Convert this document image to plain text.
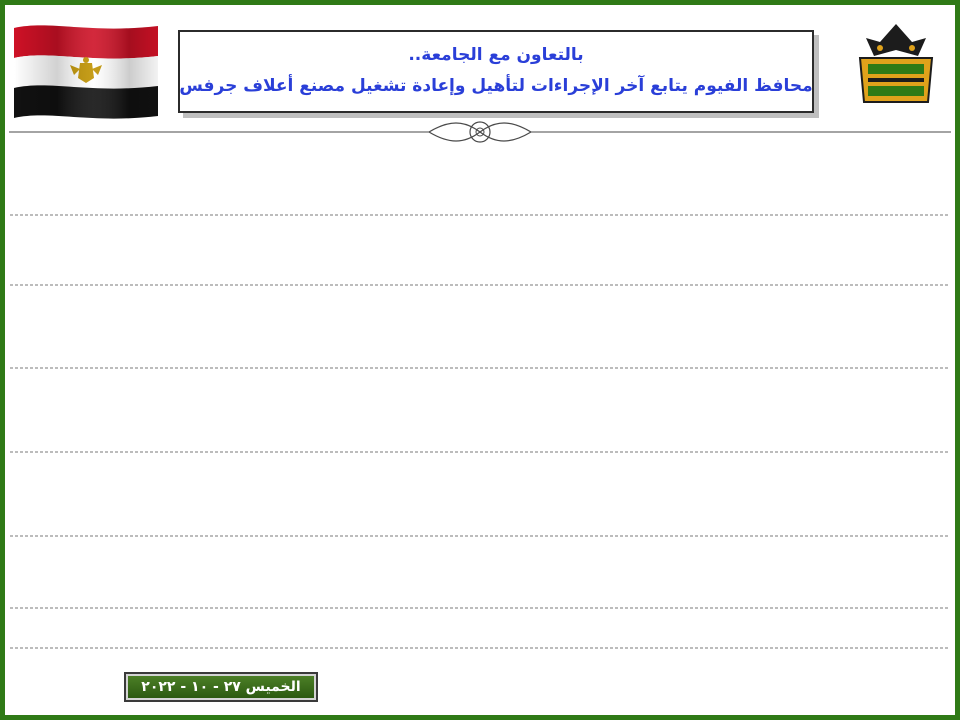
بالتعاون مع الجامعة..
محافظ الفيوم يتابع آخر الإجراءات لتأهيل وإعادة تشغيل مصنع أعلاف جرفس
الخميس ٢٧ - ١٠ - ٢٠٢٢
